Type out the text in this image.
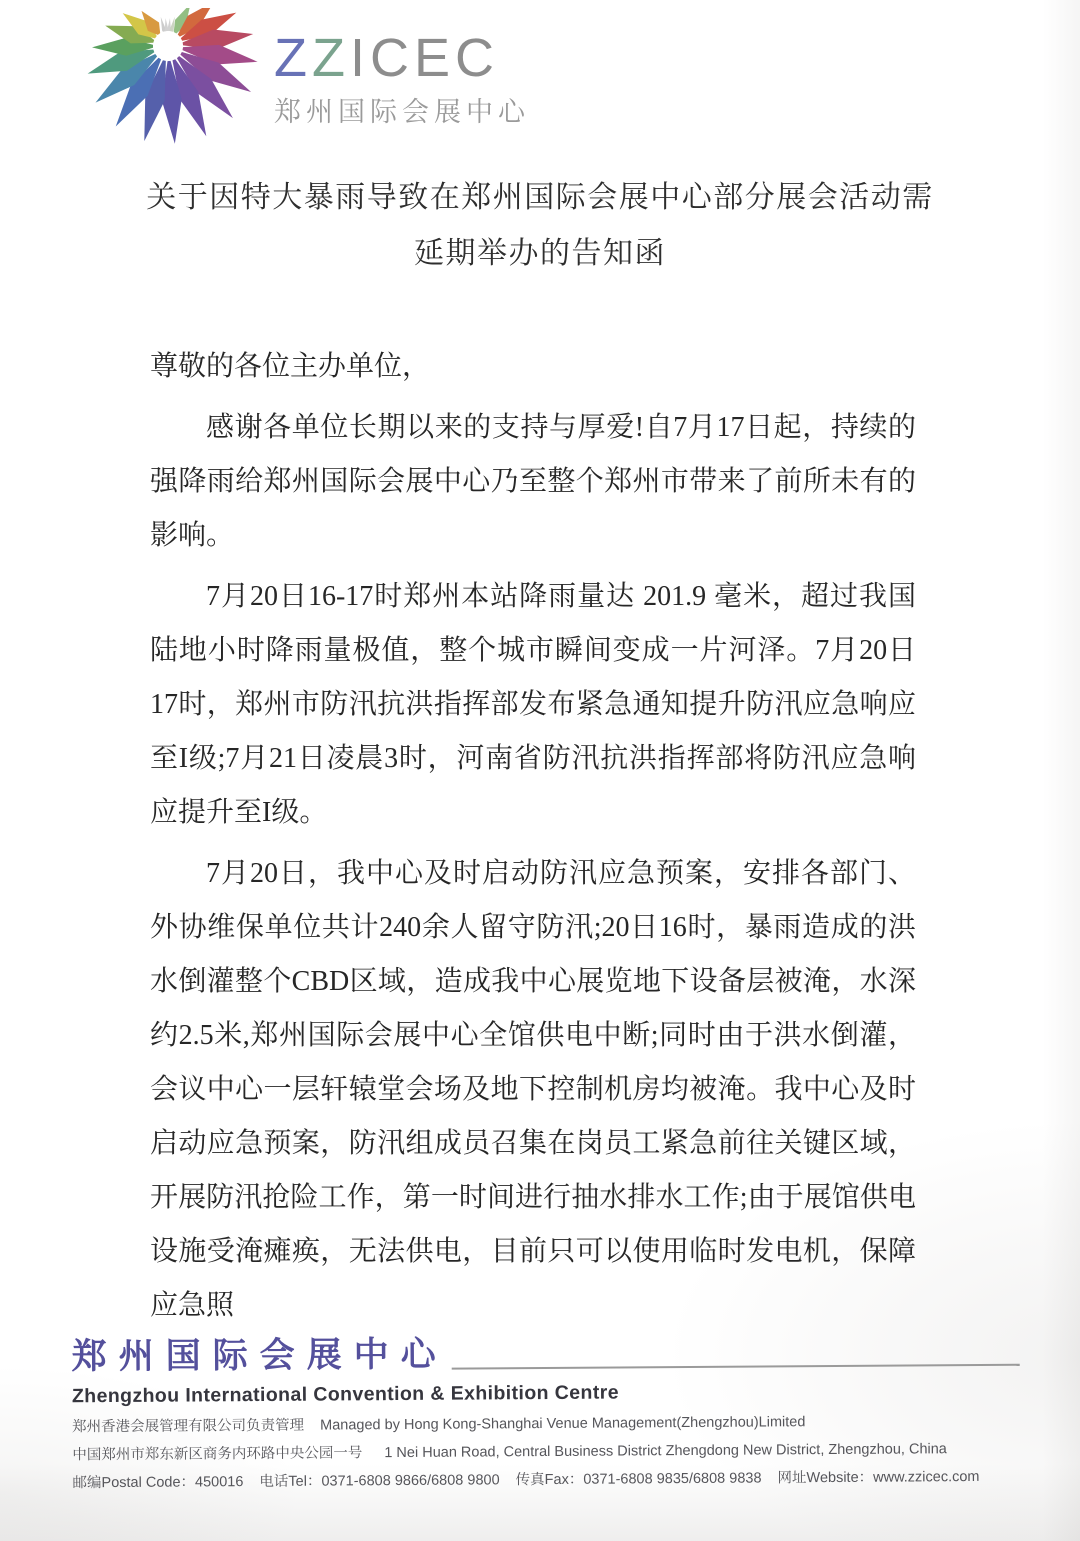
ZZICEC
郑州国际会展中心
关于因特大暴雨导致在郑州国际会展中心部分展会活动需
延期举办的告知函

尊敬的各位主办单位，

感谢各单位长期以来的支持与厚爱!自7月17日起，持续的强降雨给郑州国际会展中心乃至整个郑州市带来了前所未有的影响。

7月20日16-17时郑州本站降雨量达 201.9 毫米，超过我国陆地小时降雨量极值，整个城市瞬间变成一片河泽。7月20日17时，郑州市防汛抗洪指挥部发布紧急通知提升防汛应急响应至I级;7月21日凌晨3时，河南省防汛抗洪指挥部将防汛应急响应提升至I级。

7月20日，我中心及时启动防汛应急预案，安排各部门、外协维保单位共计240余人留守防汛;20日16时，暴雨造成的洪水倒灌整个CBD区域，造成我中心展览地下设备层被淹，水深约2.5米,郑州国际会展中心全馆供电中断;同时由于洪水倒灌，会议中心一层轩辕堂会场及地下控制机房均被淹。我中心及时启动应急预案，防汛组成员召集在岗员工紧急前往关键区域，开展防汛抢险工作，第一时间进行抽水排水工作;由于展馆供电设施受淹瘫痪，无法供电，目前只可以使用临时发电机，保障应急照

郑州国际会展中心
Zhengzhou International Convention & Exhibition Centre
郑州香港会展管理有限公司负责管理 Managed by Hong Kong-Shanghai Venue Management(Zhengzhou)Limited
中国郑州市郑东新区商务内环路中央公园一号 1 Nei Huan Road, Central Business District Zhengdong New District, Zhengzhou, China
邮编Postal Code：450016 电话Tel：0371-6808 9866/6808 9800 传真Fax：0371-6808 9835/6808 9838 网址Website：www.zzicec.com
